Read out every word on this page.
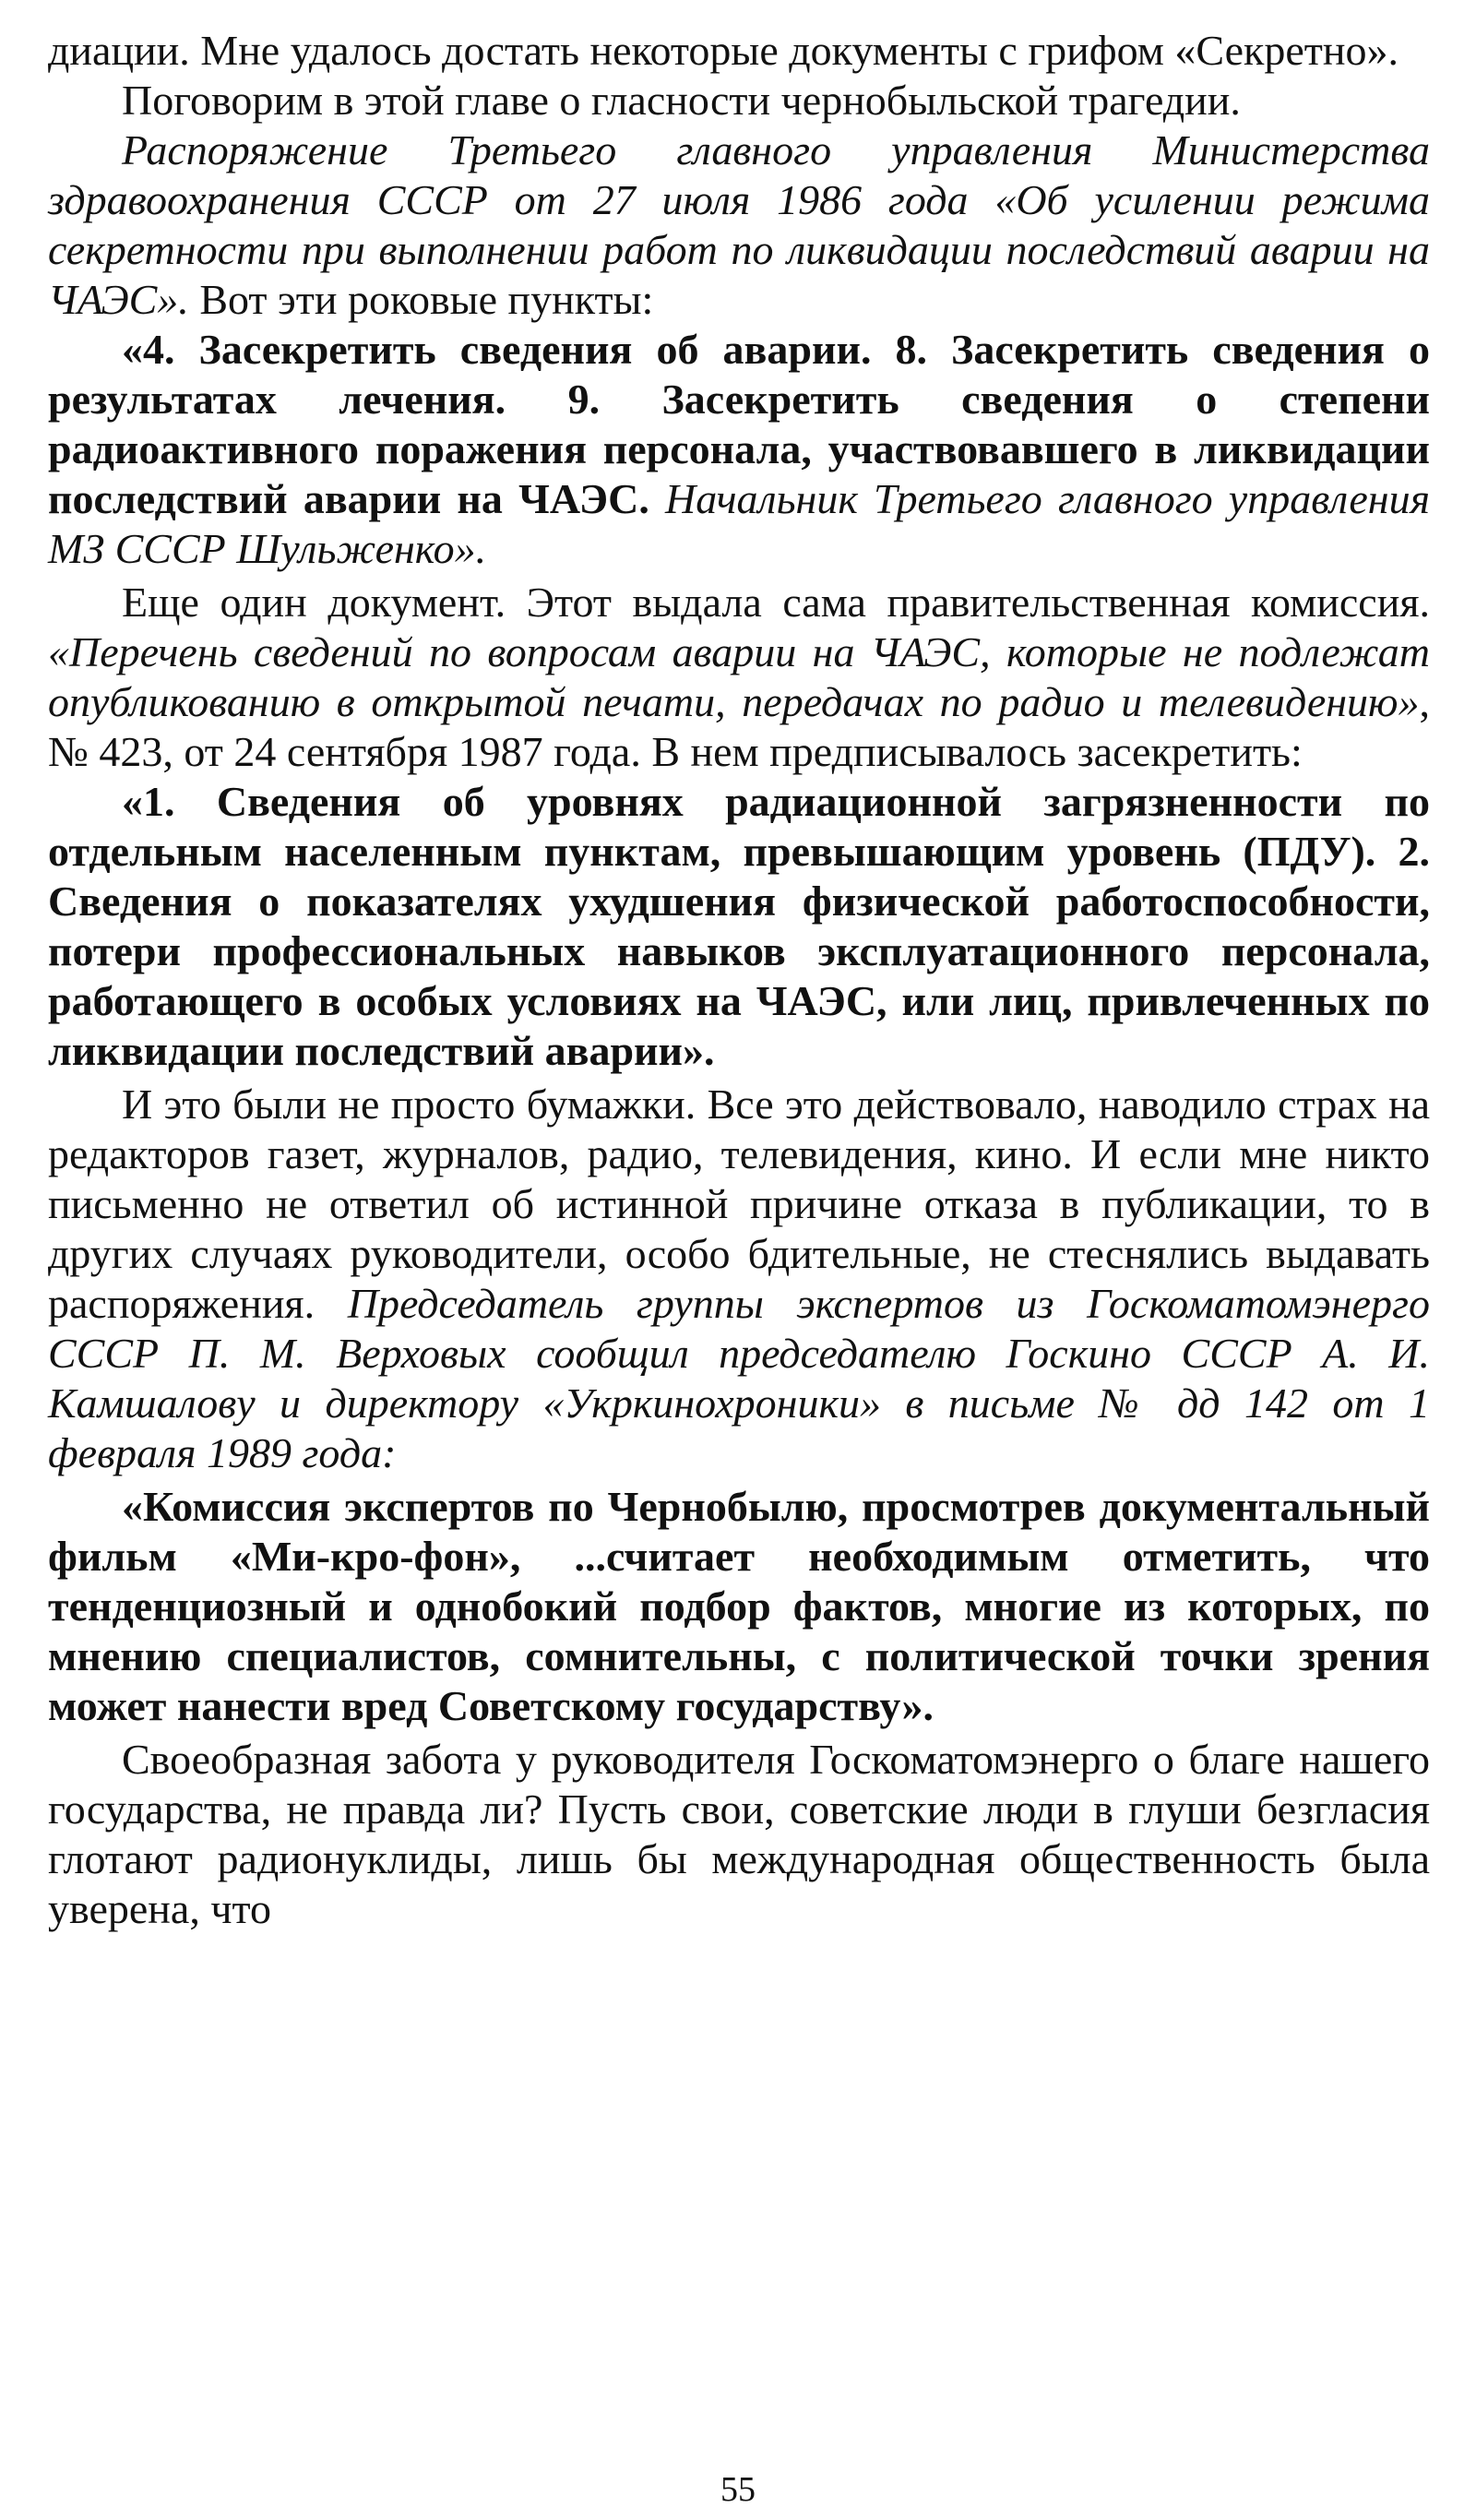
диации. Мне удалось достать некоторые документы с грифом «Секретно».

Поговорим в этой главе о гласности чернобыльской трагедии.

Распоряжение Третьего главного управления Министерства здравоохранения СССР от 27 июля 1986 года «Об усилении режима секретности при выполнении работ по ликвидации последствий аварии на ЧАЭС». Вот эти роковые пункты:

«4. Засекретить сведения об аварии. 8. Засекретить сведения о результатах лечения. 9. Засекретить сведения о степени радиоактивного поражения персонала, участвовавшего в ликвидации последствий аварии на ЧАЭС. Начальник Третьего главного управления МЗ СССР Шульженко».

Еще один документ. Этот выдала сама правительственная комиссия. «Перечень сведений по вопросам аварии на ЧАЭС, которые не подлежат опубликованию в открытой печати, передачах по радио и телевидению», № 423, от 24 сентября 1987 года. В нем предписывалось засекретить:

«1. Сведения об уровнях радиационной загрязненности по отдельным населенным пунктам, превышающим уровень (ПДУ). 2. Сведения о показателях ухудшения физической работоспособности, потери профессиональных навыков эксплуатационного персонала, работающего в особых условиях на ЧАЭС, или лиц, привлеченных по ликвидации последствий аварии».

И это были не просто бумажки. Все это действовало, наводило страх на редакторов газет, журналов, радио, телевидения, кино. И если мне никто письменно не ответил об истинной причине отказа в публикации, то в других случаях руководители, особо бдительные, не стеснялись выдавать распоряжения. Председатель группы экспертов из Госкоматомэнерго СССР П. М. Верховых сообщил председателю Госкино СССР А. И. Камшалову и директору «Укркинохроники» в письме № дд 142 от 1 февраля 1989 года:

«Комиссия экспертов по Чернобылю, просмотрев документальный фильм «Ми-кро-фон», ...считает необходимым отметить, что тенденциозный и однобокий подбор фактов, многие из которых, по мнению специалистов, сомнительны, с политической точки зрения может нанести вред Советскому государству».

Своеобразная забота у руководителя Госкоматомэнерго о благе нашего государства, не правда ли? Пусть свои, советские люди в глуши безгласия глотают радионуклиды, лишь бы международная общественность была уверена, что

55
